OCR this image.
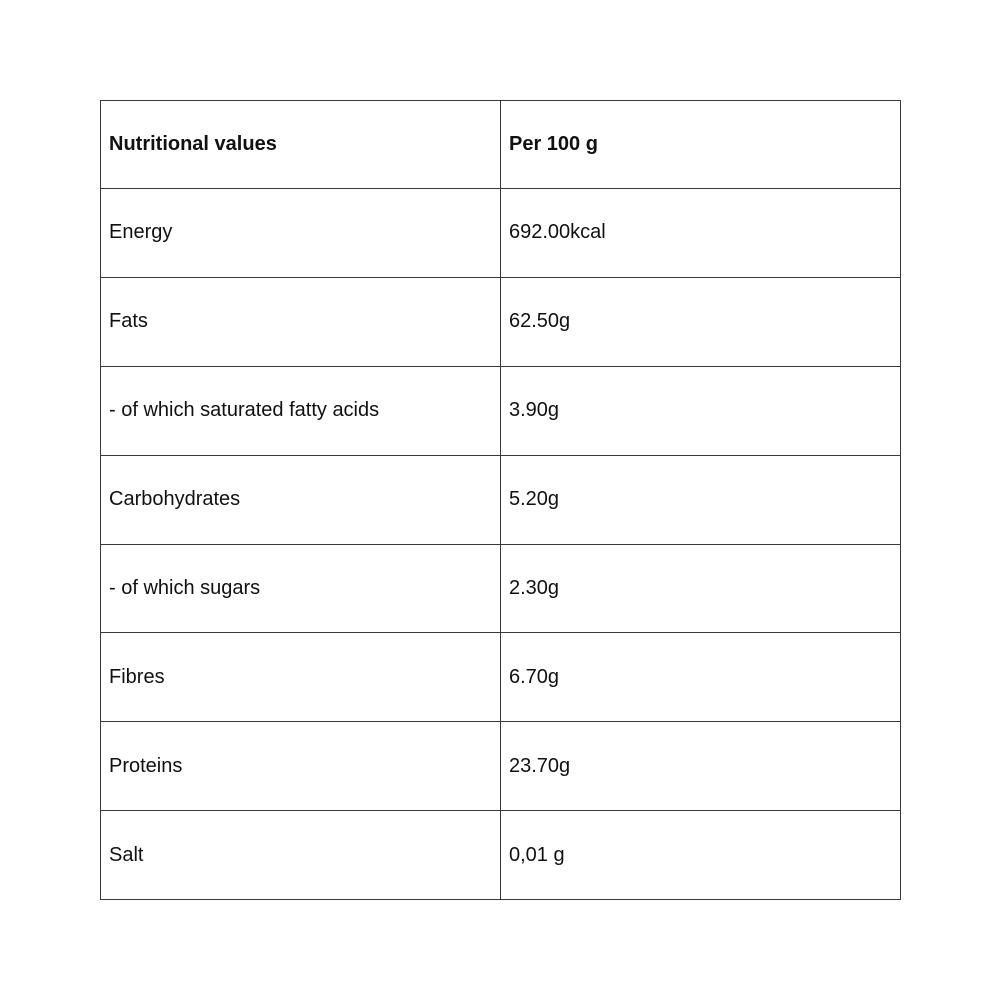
Nutritional values	Per 100 g
Energy	692.00kcal
Fats	62.50g
- of which saturated fatty acids	3.90g
Carbohydrates	5.20g
- of which sugars	2.30g
Fibres	6.70g
Proteins	23.70g
Salt	0,01 g
